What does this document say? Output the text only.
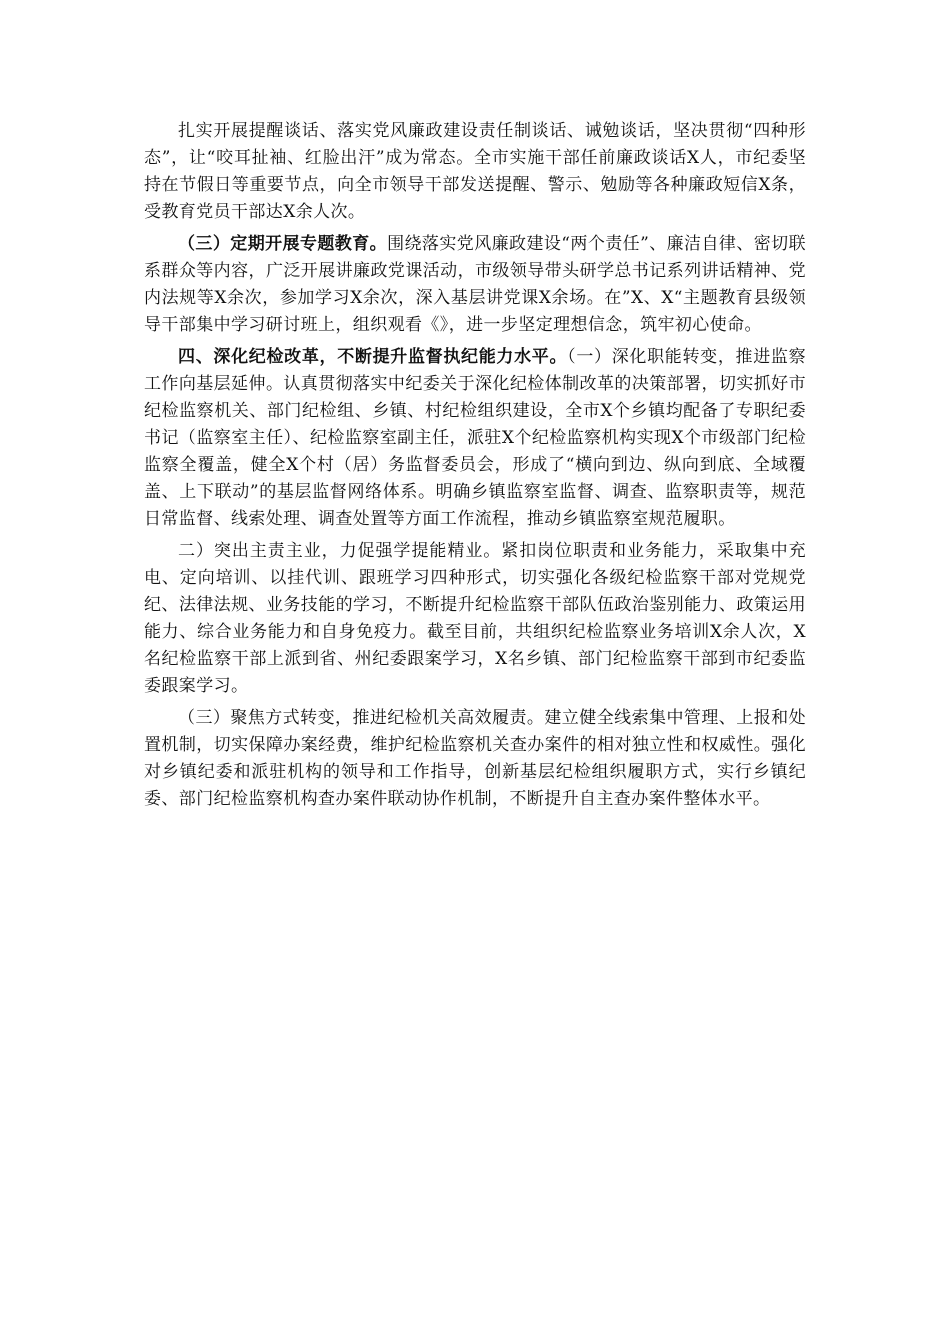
扎实开展提醒谈话、落实党风廉政建设责任制谈话、诫勉谈话，坚决贯彻“四种形态”，让“咬耳扯袖、红脸出汗”成为常态。全市实施干部任前廉政谈话X人，市纪委坚持在节假日等重要节点，向全市领导干部发送提醒、警示、勉励等各种廉政短信X条，受教育党员干部达X余人次。

（三）定期开展专题教育。围绕落实党风廉政建设“两个责任”、廉洁自律、密切联系群众等内容，广泛开展讲廉政党课活动，市级领导带头研学总书记系列讲话精神、党内法规等X余次，参加学习X余次，深入基层讲党课X余场。在”X、X“主题教育县级领导干部集中学习研讨班上，组织观看《》，进一步坚定理想信念，筑牢初心使命。

四、深化纪检改革，不断提升监督执纪能力水平。（一）深化职能转变，推进监察工作向基层延伸。认真贯彻落实中纪委关于深化纪检体制改革的决策部署，切实抓好市纪检监察机关、部门纪检组、乡镇、村纪检组织建设，全市X个乡镇均配备了专职纪委书记（监察室主任）、纪检监察室副主任，派驻X个纪检监察机构实现X个市级部门纪检监察全覆盖，健全X个村（居）务监督委员会，形成了“横向到边、纵向到底、全域覆盖、上下联动”的基层监督网络体系。明确乡镇监察室监督、调查、监察职责等，规范日常监督、线索处理、调查处置等方面工作流程，推动乡镇监察室规范履职。

二）突出主责主业，力促强学提能精业。紧扣岗位职责和业务能力，采取集中充电、定向培训、以挂代训、跟班学习四种形式，切实强化各级纪检监察干部对党规党纪、法律法规、业务技能的学习，不断提升纪检监察干部队伍政治鉴别能力、政策运用能力、综合业务能力和自身免疫力。截至目前，共组织纪检监察业务培训X余人次，X名纪检监察干部上派到省、州纪委跟案学习，X名乡镇、部门纪检监察干部到市纪委监委跟案学习。

（三）聚焦方式转变，推进纪检机关高效履责。建立健全线索集中管理、上报和处置机制，切实保障办案经费，维护纪检监察机关查办案件的相对独立性和权威性。强化对乡镇纪委和派驻机构的领导和工作指导，创新基层纪检组织履职方式，实行乡镇纪委、部门纪检监察机构查办案件联动协作机制，不断提升自主查办案件整体水平。
